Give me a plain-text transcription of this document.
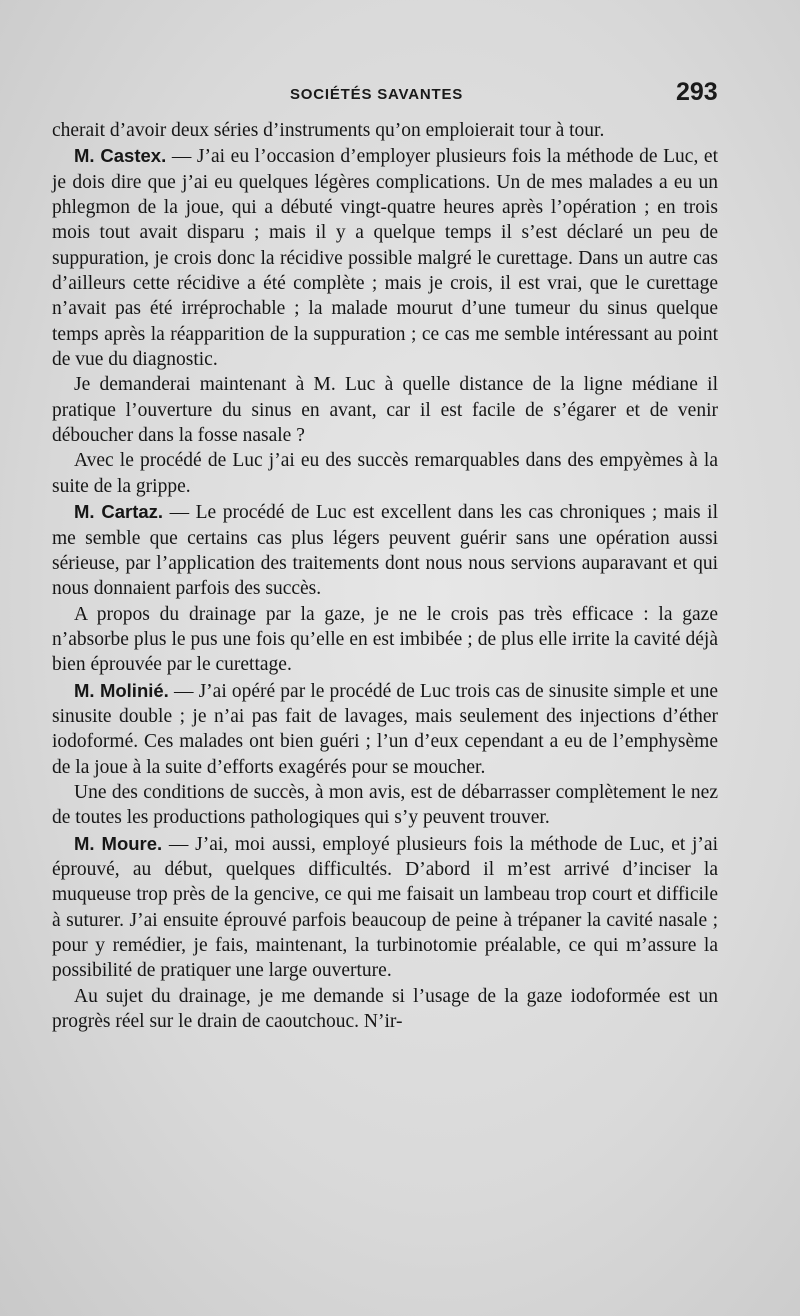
SOCIÉTÉS SAVANTES	293

cherait d’avoir deux séries d’instruments qu’on emploierait tour à tour.

M. Castex. — J’ai eu l’occasion d’employer plusieurs fois la méthode de Luc, et je dois dire que j’ai eu quelques légères complications. Un de mes malades a eu un phlegmon de la joue, qui a débuté vingt-quatre heures après l’opération ; en trois mois tout avait disparu ; mais il y a quelque temps il s’est déclaré un peu de suppuration, je crois donc la récidive possible malgré le curettage. Dans un autre cas d’ailleurs cette récidive a été complète ; mais je crois, il est vrai, que le curettage n’avait pas été irréprochable ; la malade mourut d’une tumeur du sinus quelque temps après la réapparition de la suppuration ; ce cas me semble intéressant au point de vue du diagnostic.

Je demanderai maintenant à M. Luc à quelle distance de la ligne médiane il pratique l’ouverture du sinus en avant, car il est facile de s’égarer et de venir déboucher dans la fosse nasale ?

Avec le procédé de Luc j’ai eu des succès remarquables dans des empyèmes à la suite de la grippe.

M. Cartaz. — Le procédé de Luc est excellent dans les cas chroniques ; mais il me semble que certains cas plus légers peuvent guérir sans une opération aussi sérieuse, par l’application des traitements dont nous nous servions auparavant et qui nous donnaient parfois des succès.

A propos du drainage par la gaze, je ne le crois pas très efficace : la gaze n’absorbe plus le pus une fois qu’elle en est imbibée ; de plus elle irrite la cavité déjà bien éprouvée par le curettage.

M. Molinié. — J’ai opéré par le procédé de Luc trois cas de sinusite simple et une sinusite double ; je n’ai pas fait de lavages, mais seulement des injections d’éther iodoformé. Ces malades ont bien guéri ; l’un d’eux cependant a eu de l’emphysème de la joue à la suite d’efforts exagérés pour se moucher.

Une des conditions de succès, à mon avis, est de débarrasser complètement le nez de toutes les productions pathologiques qui s’y peuvent trouver.

M. Moure. — J’ai, moi aussi, employé plusieurs fois la méthode de Luc, et j’ai éprouvé, au début, quelques difficultés. D’abord il m’est arrivé d’inciser la muqueuse trop près de la gencive, ce qui me faisait un lambeau trop court et difficile à suturer. J’ai ensuite éprouvé parfois beaucoup de peine à trépaner la cavité nasale ; pour y remédier, je fais, maintenant, la turbinotomie préalable, ce qui m’assure la possibilité de pratiquer une large ouverture.

Au sujet du drainage, je me demande si l’usage de la gaze iodoformée est un progrès réel sur le drain de caoutchouc. N’ir-
